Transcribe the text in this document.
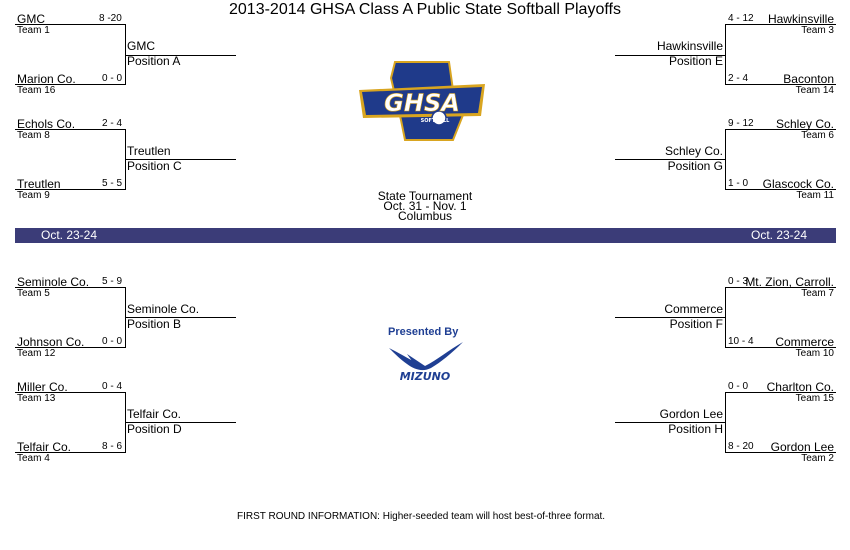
2013-2014 GHSA Class A Public State Softball Playoffs
GMC	8 -20
Team 1
Marion Co.	0 - 0
Team 16
GMC
Position A
Echols Co.	2 - 4
Team 8
Treutlen	5 - 5
Team 9
Treutlen
Position C
Seminole Co. 5 - 9
Team 5
Johnson Co. 0 - 0
Team 12
Seminole Co.
Position B
Miller Co.	0 - 4
Team 13
Telfair Co.	8 - 6
Team 4
Telfair Co.
Position D
4 - 12 Hawkinsville
Team 3
2 - 4	Baconton
Team 14
Hawkinsville
Position E
9 - 12 Schley Co.
Team 6
1 - 0 Glascock Co.
Team 11
Schley Co.
Position G
0 - 3
Mt. Zion, Carroll.
Team 7
10 - 4 Commerce
Team 10
Commerce
Position F
0 - 0 Charlton Co.
Team 15
8 - 20 Gordon Lee
Team 2
Gordon Lee
Position H
GHSA
SOFTBALL
State Tournament
Oct. 31 - Nov. 1
Columbus
Oct. 23-24	Oct. 23-24
Presented By
MIZUNO
FIRST ROUND INFORMATION: Higher-seeded team will host best-of-three format.
